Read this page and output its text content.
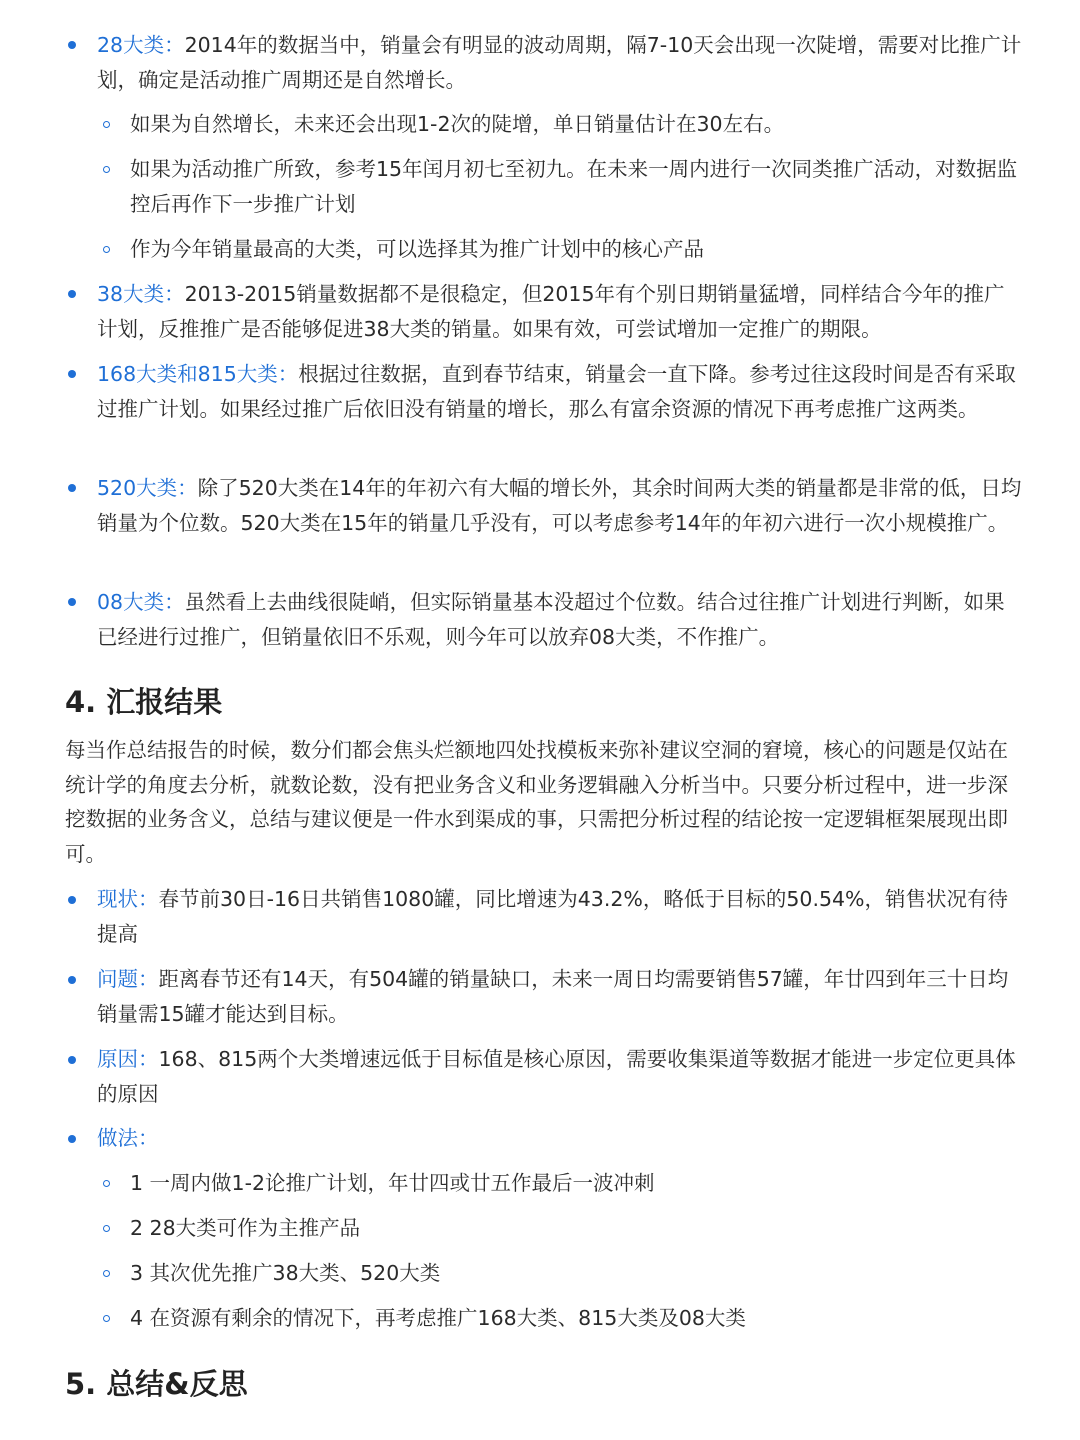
28大类：2014年的数据当中，销量会有明显的波动周期，隔7-10天会出现一次陡增，需要对比推广计划，确定是活动推广周期还是自然增长。
如果为自然增长，未来还会出现1-2次的陡增，单日销量估计在30左右。
如果为活动推广所致，参考15年闰月初七至初九。在未来一周内进行一次同类推广活动，对数据监控后再作下一步推广计划
作为今年销量最高的大类，可以选择其为推广计划中的核心产品
38大类：2013-2015销量数据都不是很稳定，但2015年有个别日期销量猛增，同样结合今年的推广计划，反推推广是否能够促进38大类的销量。如果有效，可尝试增加一定推广的期限。
168大类和815大类：根据过往数据，直到春节结束，销量会一直下降。参考过往这段时间是否有采取过推广计划。如果经过推广后依旧没有销量的增长，那么有富余资源的情况下再考虑推广这两类。
520大类：除了520大类在14年的年初六有大幅的增长外，其余时间两大类的销量都是非常的低，日均销量为个位数。520大类在15年的销量几乎没有，可以考虑参考14年的年初六进行一次小规模推广。
08大类：虽然看上去曲线很陡峭，但实际销量基本没超过个位数。结合过往推广计划进行判断，如果已经进行过推广，但销量依旧不乐观，则今年可以放弃08大类，不作推广。
4. 汇报结果
每当作总结报告的时候，数分们都会焦头烂额地四处找模板来弥补建议空洞的窘境，核心的问题是仅站在统计学的角度去分析，就数论数，没有把业务含义和业务逻辑融入分析当中。只要分析过程中，进一步深挖数据的业务含义，总结与建议便是一件水到渠成的事，只需把分析过程的结论按一定逻辑框架展现出即可。
现状：春节前30日-16日共销售1080罐，同比增速为43.2%，略低于目标的50.54%，销售状况有待提高
问题：距离春节还有14天，有504罐的销量缺口，未来一周日均需要销售57罐，年廿四到年三十日均销量需15罐才能达到目标。
原因：168、815两个大类增速远低于目标值是核心原因，需要收集渠道等数据才能进一步定位更具体的原因
做法：
1 一周内做1-2论推广计划，年廿四或廿五作最后一波冲刺
2 28大类可作为主推产品
3 其次优先推广38大类、520大类
4 在资源有剩余的情况下，再考虑推广168大类、815大类及08大类
5. 总结&反思
